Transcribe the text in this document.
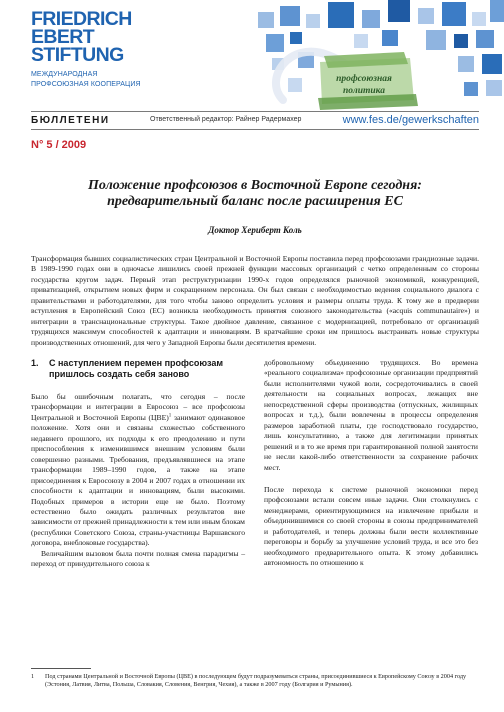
FRIEDRICH
EBERT
STIFTUNG
МЕЖДУНАРОДНАЯ
ПРОФСОЮЗНАЯ КООПЕРАЦИЯ
профсоюзная
политика
БЮЛЛЕТЕНИ	Ответственный редактор: Райнер Радермахер	www.fes.de/gewerkschaften
N° 5 / 2009
Положение профсоюзов в Восточной Европе сегодня:
предварительный баланс после расширения ЕС
Доктор Хериберт Коль

Трансформация бывших социалистических стран Центральной и Восточной Европы поставила перед профсоюзами грандиозные задачи. В 1989-1990 годах они в одночасье лишились своей прежней функции массовых организаций с четко определенным со стороны государства кругом задач. Первый этап реструктуризации 1990-х годов определялся рыночной экономикой, конкуренцией, приватизацией, открытием новых фирм и сокращением персонала. Он был связан с необходимостью ведения социального диалога с правительствами и работодателями, для того чтобы заново определить условия и размеры оплаты труда. К тому же в предверии вступления в Европейский Союз (ЕС) возникла необходимость принятия союзного законодательства («acquis communautaire») и интеграции в транснациональные структуры. Такое двойное давление, связанное с модернизацией, потребовало от организаций трудящихся максимум способностей к адаптации и инновациям. В кратчайшие сроки им пришлось выстраивать новые структуры производственных отношений, для чего у Западной Европы были десятилетия времени.

1.	С наступлением перемен профсоюзам пришлось создать себя заново

Было бы ошибочным полагать, что сегодня – после трансформации и интеграции в Евросоюз – все профсоюзы Центральной и Восточной Европы (ЦВЕ)$^1$ занимают одинаковое положение. Хотя они и связаны схожестью собственного недавнего прошлого, их подходы к его преодолению и пути приспособления к изменившимся внешним условиям были совершенно разными. Требования, предъявлявшиеся на этапе трансформации 1989–1990 годов, а также на этапе присоединения к Евросоюзу в 2004 и 2007 годах в отношении их способности к адаптации и инновациям, были высокими. Подобных примеров в истории еще не было. Поэтому естественно было ожидать различных результатов вне зависимости от прежней принадлежности к тем или иным блокам (республики Советского Союза, страны-участницы Варшавского договора, внеблоковые государства).

Величайшим вызовом была почти полная смена парадигмы – переход от принудительного союза к

добровольному объединению трудящихся. Во времена «реального социализма» профсоюзные организации предприятий были исполнителями чужой воли, сосредоточивались в своей деятельности на социальных вопросах, лежащих вне непосредственной сферы производства (отпускных, жилищных вопросах и т.д.), были вовлечены в процессы определения размеров заработной платы, где господствовало государство, лишь консультативно, а также для легитимации принятых решений и в то же время при гарантированной полной занятости не несли какой-либо ответственности за сохранение рабочих мест.

После перехода к системе рыночной экономики перед профсоюзами встали совсем иные задачи. Они столкнулись с менеджерами, ориентирующимися на извлечение прибыли и объединившимися со своей стороны в союзы предпринимателей и работодателей, и теперь должны были вести коллективные переговоры и борьбу за улучшение условий труда, и все это без необходимого предварительного опыта. К этому добавились автономность по отношению к

1	Под странами Центральной и Восточной Европы (ЦВЕ) в последующем будут подразумеваться страны, присоединившиеся к Европейскому Союзу в 2004 году (Эстония, Латвия, Литва, Польша, Словакия, Словения, Венгрия, Чехия), а также в 2007 году (Болгария и Румыния).
